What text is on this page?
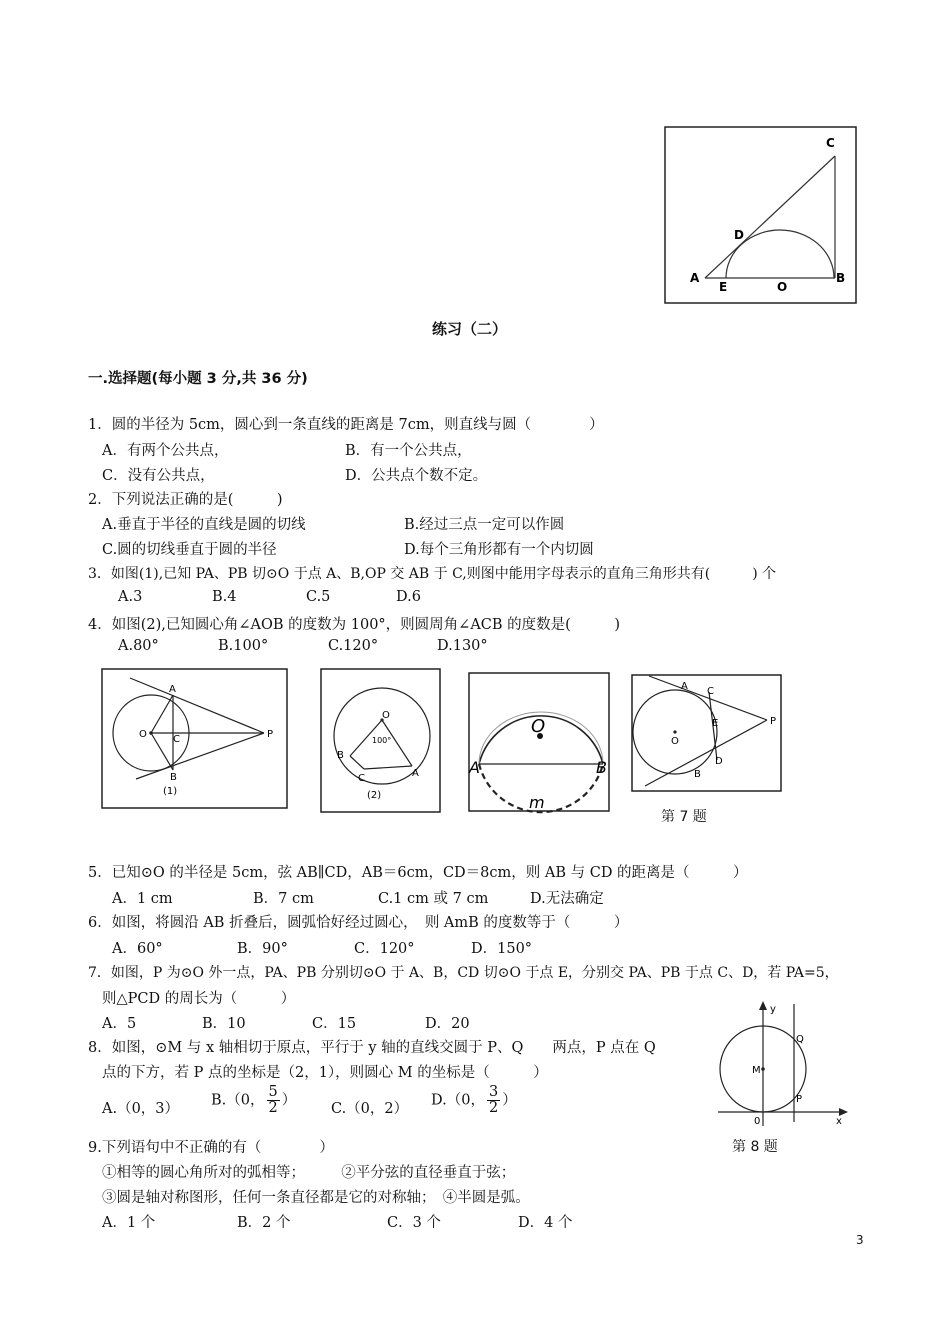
C
D
A
E	O
B
练习（二）
一.选择题(每小题 3 分,共 36 分)
1．圆的半径为 5cm，圆心到一条直线的距离是 7cm，则直线与圆（　　　　）
A．有两个公共点，	B．有一个公共点，
C．没有公共点，	D．公共点个数不定。
2．下列说法正确的是(　　　)
A.垂直于半径的直线是圆的切线	B.经过三点一定可以作圆
C.圆的切线垂直于圆的半径	D.每个三角形都有一个内切圆
3．如图(1),已知 PA、PB 切⊙O 于点 A、B,OP 交 AB 于 C,则图中能用字母表示的直角三角形共有(　　　) 个
A.3	B.4	C.5	D.6
4．如图(2),已知圆心角∠AOB 的度数为 100°，则圆周角∠ACB 的度数是(　　　)
A.80°	B.100°	C.120°	D.130°
A
O	C	P
B
(1)
O
100°
B
C	A
(2)
O
A	B
m
A C
E	P
O
D
B
第 7 题
5．已知⊙O 的半径是 5cm，弦 AB∥CD，AB＝6cm，CD＝8cm，则 AB 与 CD 的距离是（　　　）
A．1 cm	B．7 cm	C.1 cm 或 7 cm	D.无法确定
6．如图，将圆沿 AB 折叠后，圆弧恰好经过圆心，　则 AmB 的度数等于（　　　）
A．60°	B．90°	C．120°	D．150°
7．如图，P 为⊙O 外一点，PA、PB 分别切⊙O 于 A、B，CD 切⊙O 于点 E，分别交 PA、PB 于点 C、D，若 PA=5，
则△PCD 的周长为（　　　）
A．5	B．10	C．15	D．20
8．如图，⊙M 与 x 轴相切于原点，平行于 y 轴的直线交圆于 P、Q　　两点，P 点在 Q
点的下方，若 P 点的坐标是（2，1），则圆心 M 的坐标是（　　　）
A.（0，3）
B.（0， $\frac{5}{2}$ ）
C.（0，2）
D.（0， $\frac{3}{2}$ ）
y
Q
M
P
0	x
第 8 题
9.下列语句中不正确的有（　　　　）
①相等的圆心角所对的弧相等；　　　②平分弦的直径垂直于弦；
③圆是轴对称图形，任何一条直径都是它的对称轴；　④半圆是弧。
A．1 个	B．2 个	C．3 个	D．4 个
3
